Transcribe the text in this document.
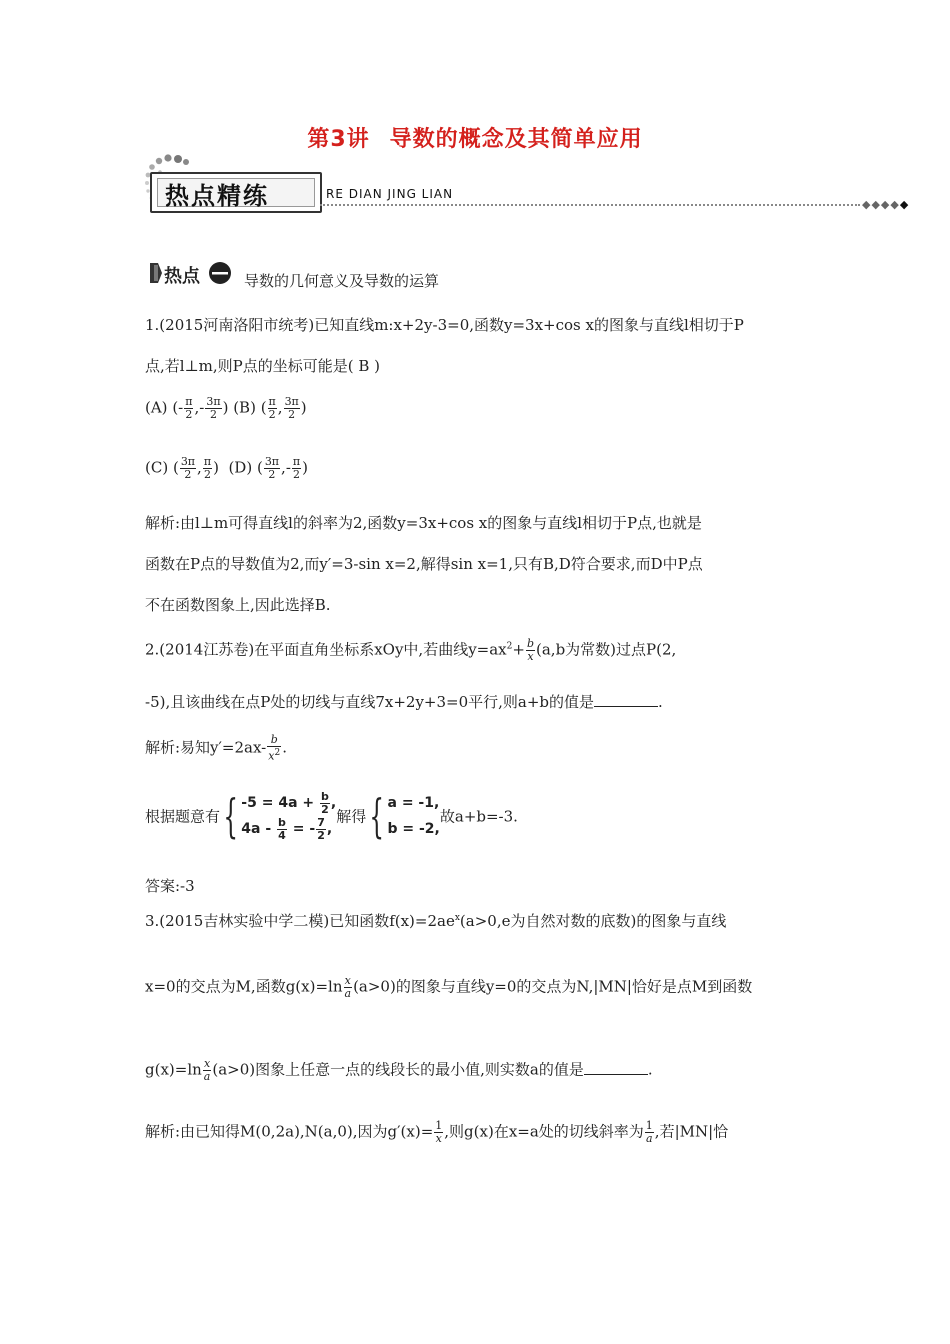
第3讲 导数的概念及其简单应用
热点精练	RE DIAN JING LIAN
◆◆◆◆◆
热点	导数的几何意义及导数的运算

1.(2015河南洛阳市统考)已知直线m:x+2y-3=0,函数y=3x+cos x的图象与直线l相切于P

点,若l⊥m,则P点的坐标可能是( B )

(A) (- $\frac{\pi}{2}$ ,- $\frac{3\pi}{2}$ ) (B) ( $\frac{\pi}{2}$ , $\frac{3\pi}{2}$ )
(C) ( $\frac{3\pi}{2}$ , $\frac{\pi}{2}$ )  (D) ( $\frac{3\pi}{2}$ ,- $\frac{\pi}{2}$ )

解析:由l⊥m可得直线l的斜率为2,函数y=3x+cos x的图象与直线l相切于P点,也就是

函数在P点的导数值为2,而y′=3-sin x=2,解得sin x=1,只有B,D符合要求,而D中P点

不在函数图象上,因此选择B.

2.(2014江苏卷)在平面直角坐标系xOy中,若曲线$y=ax^2+ \frac{b}{x} (a,b$为常数)过点P(2,

-5),且该曲线在点P处的切线与直线7x+2y+3=0平行,则a+b的值是	.

解析:易知$y'=2ax- \frac{b}{x^2}$ .
根据题意有{ $-5 = 4a + \frac{b}{2}$ ,
$4a - \frac{b}{4}$ = - $\frac{7}{2}$ ,解得{ a = -1,
b = -2,故a+b=-3.

答案:-3

3.(2015吉林实验中学二模)已知函数$f(x)=2ae^x(a>0,e$为自然对数的底数)的图象与直线
x=0的交点为M,函数$g(x)=\ln \frac{x}{a} (a>0)$的图象与直线y=0的交点为N,|MN|恰好是点M到函数
$g(x)=\ln \frac{x}{a} (a>0)$图象上任意一点的线段长的最小值,则实数a的值是	.
解析:由已知得M(0,2a),N(a,0),因为$g'(x)= \frac{1}{x}$ ,则g(x)在x=a处的切线斜率为 $\frac{1}{a}$ ,若|MN|恰
